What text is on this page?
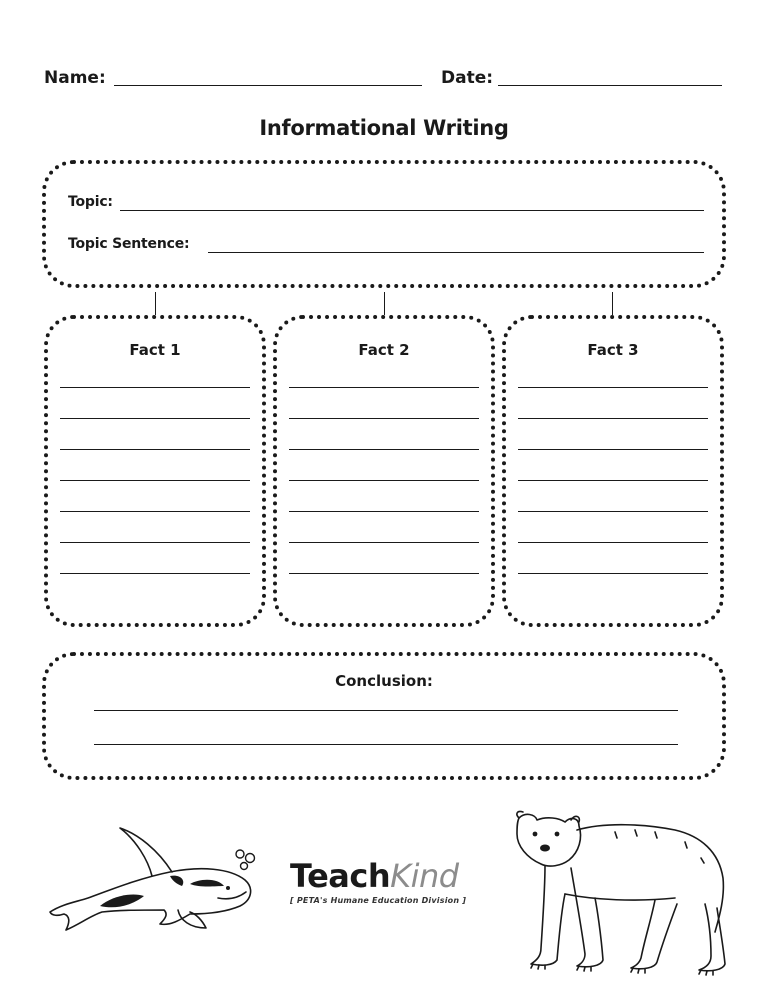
Name:	Date:
Informational Writing
Topic:
Topic Sentence:
Fact 1	Fact 2	Fact 3
Conclusion:
TeachKind
[ PETA's Humane Education Division ]
